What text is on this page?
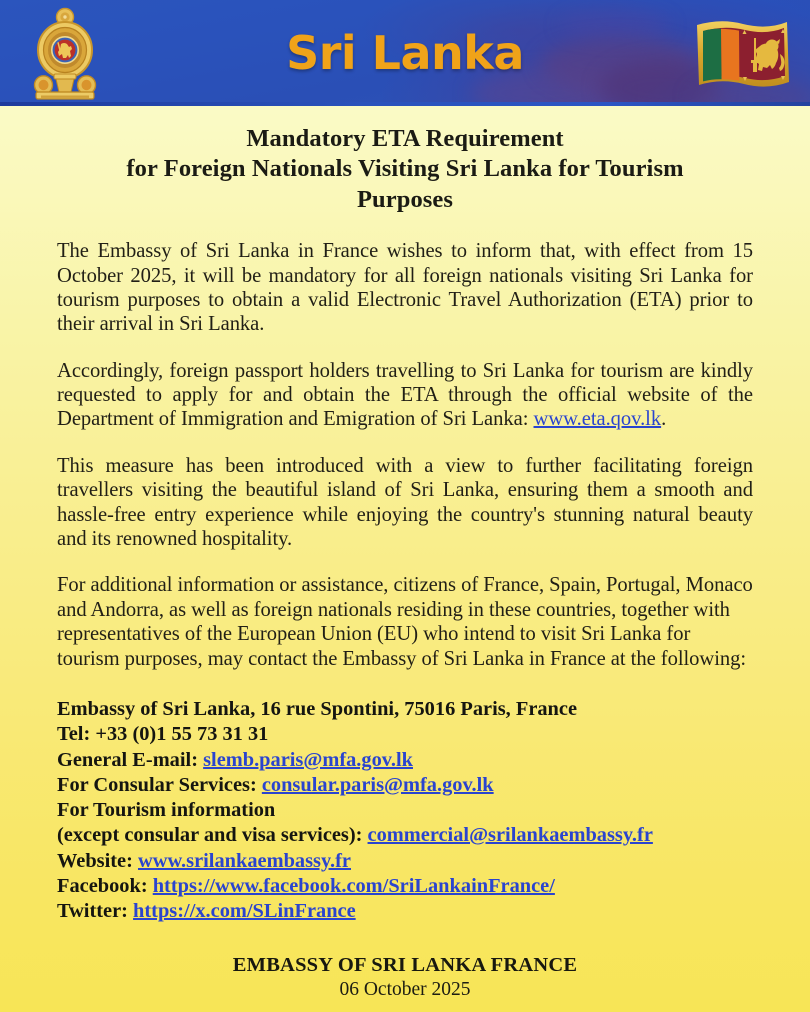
Sri Lanka
Mandatory ETA Requirement
for Foreign Nationals Visiting Sri Lanka for Tourism
Purposes

The Embassy of Sri Lanka in France wishes to inform that, with effect from 15 October 2025, it will be mandatory for all foreign nationals visiting Sri Lanka for tourism purposes to obtain a valid Electronic Travel Authorization (ETA) prior to their arrival in Sri Lanka.

Accordingly, foreign passport holders travelling to Sri Lanka for tourism are kindly requested to apply for and obtain the ETA through the official website of the Department of Immigration and Emigration of Sri Lanka: www.eta.qov.lk.

This measure has been introduced with a view to further facilitating foreign travellers visiting the beautiful island of Sri Lanka, ensuring them a smooth and hassle-free entry experience while enjoying the country's stunning natural beauty and its renowned hospitality.

For additional information or assistance, citizens of France, Spain, Portugal, Monaco and Andorra, as well as foreign nationals residing in these countries, together with representatives of the European Union (EU) who intend to visit Sri Lanka for tourism purposes, may contact the Embassy of Sri Lanka in France at the following:

Embassy of Sri Lanka, 16 rue Spontini, 75016 Paris, France
Tel: +33 (0)1 55 73 31 31
General E-mail: slemb.paris@mfa.gov.lk
For Consular Services: consular.paris@mfa.gov.lk
For Tourism information
(except consular and visa services): commercial@srilankaembassy.fr
Website: www.srilankaembassy.fr
Facebook: https://www.facebook.com/SriLankainFrance/
Twitter: https://x.com/SLinFrance
EMBASSY OF SRI LANKA FRANCE
06 October 2025
